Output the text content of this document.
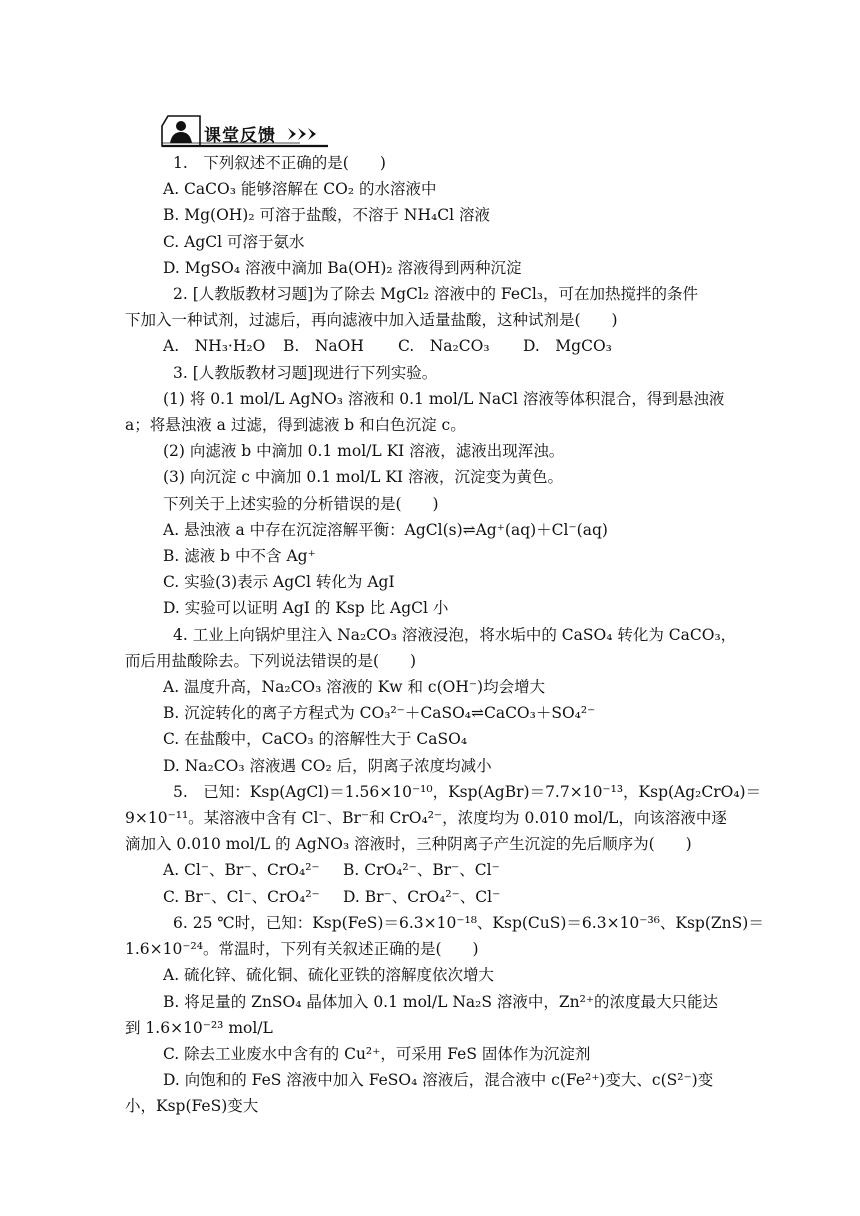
课堂反馈
1.　下列叙述不正确的是(　　)
A. CaCO₃ 能够溶解在 CO₂ 的水溶液中
B. Mg(OH)₂ 可溶于盐酸，不溶于 NH₄Cl 溶液
C. AgCl 可溶于氨水
D. MgSO₄ 溶液中滴加 Ba(OH)₂ 溶液得到两种沉淀
2. [人教版教材习题]为了除去 MgCl₂ 溶液中的 FeCl₃，可在加热搅拌的条件
下加入一种试剂，过滤后，再向滤液中加入适量盐酸，这种试剂是(　　)
A.　NH₃·H₂O B.　NaOH C.　Na₂CO₃ D.　MgCO₃
3. [人教版教材习题]现进行下列实验。
(1) 将 0.1 mol/L AgNO₃ 溶液和 0.1 mol/L NaCl 溶液等体积混合，得到悬浊液
a；将悬浊液 a 过滤，得到滤液 b 和白色沉淀 c。
(2) 向滤液 b 中滴加 0.1 mol/L KI 溶液，滤液出现浑浊。
(3) 向沉淀 c 中滴加 0.1 mol/L KI 溶液，沉淀变为黄色。
下列关于上述实验的分析错误的是(　　)
A. 悬浊液 a 中存在沉淀溶解平衡：AgCl(s)⇌Ag⁺(aq)＋Cl⁻(aq)
B. 滤液 b 中不含 Ag⁺
C. 实验(3)表示 AgCl 转化为 AgI
D. 实验可以证明 AgI 的 Ksp 比 AgCl 小
4. 工业上向锅炉里注入 Na₂CO₃ 溶液浸泡，将水垢中的 CaSO₄ 转化为 CaCO₃，
而后用盐酸除去。下列说法错误的是(　　)
A. 温度升高，Na₂CO₃ 溶液的 Kw 和 c(OH⁻)均会增大
B. 沉淀转化的离子方程式为 CO₃²⁻＋CaSO₄⇌CaCO₃＋SO₄²⁻
C. 在盐酸中，CaCO₃ 的溶解性大于 CaSO₄
D. Na₂CO₃ 溶液遇 CO₂ 后，阴离子浓度均减小
5.　已知：Ksp(AgCl)＝1.56×10⁻¹⁰，Ksp(AgBr)＝7.7×10⁻¹³，Ksp(Ag₂CrO₄)＝
9×10⁻¹¹。某溶液中含有 Cl⁻、Br⁻和 CrO₄²⁻，浓度均为 0.010 mol/L，向该溶液中逐
滴加入 0.010 mol/L 的 AgNO₃ 溶液时，三种阴离子产生沉淀的先后顺序为(　　)
A. Cl⁻、Br⁻、CrO₄²⁻ B. CrO₄²⁻、Br⁻、Cl⁻
C. Br⁻、Cl⁻、CrO₄²⁻ D. Br⁻、CrO₄²⁻、Cl⁻
6. 25 ℃时，已知：Ksp(FeS)＝6.3×10⁻¹⁸、Ksp(CuS)＝6.3×10⁻³⁶、Ksp(ZnS)＝
1.6×10⁻²⁴。常温时，下列有关叙述正确的是(　　)
A. 硫化锌、硫化铜、硫化亚铁的溶解度依次增大
B. 将足量的 ZnSO₄ 晶体加入 0.1 mol/L Na₂S 溶液中，Zn²⁺的浓度最大只能达
到 1.6×10⁻²³ mol/L
C. 除去工业废水中含有的 Cu²⁺，可采用 FeS 固体作为沉淀剂
D. 向饱和的 FeS 溶液中加入 FeSO₄ 溶液后，混合液中 c(Fe²⁺)变大、c(S²⁻)变
小，Ksp(FeS)变大
